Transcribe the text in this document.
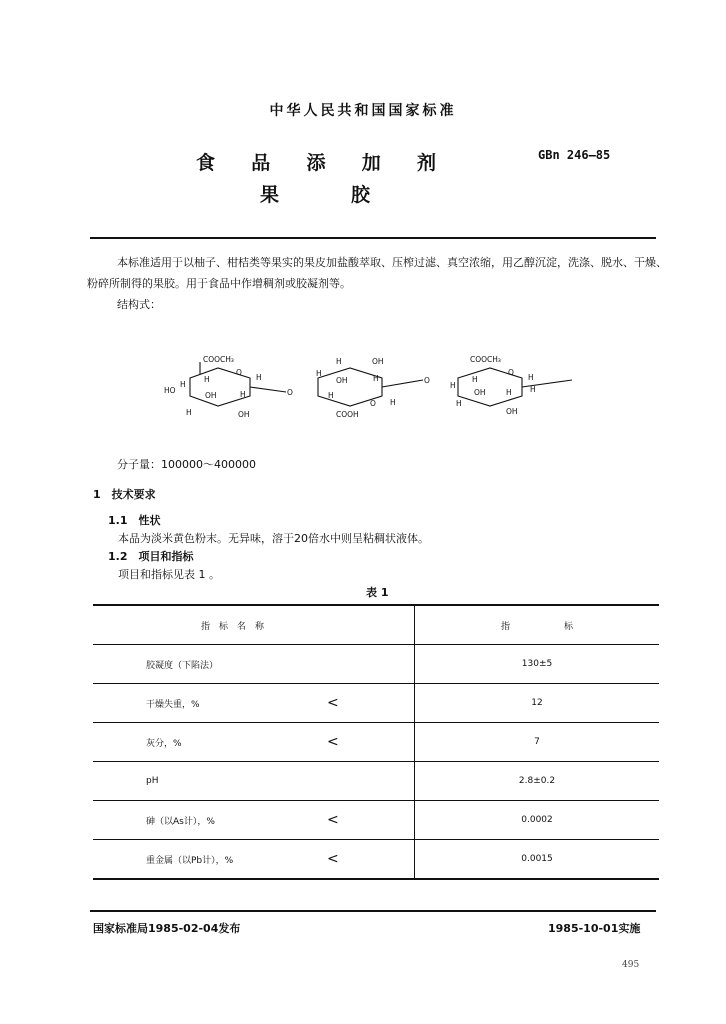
中华人民共和国国家标准
食 品 添 加 剂
果	胶
GBn 246—85

本标准适用于以柚子、柑桔类等果实的果皮加盐酸萃取、压榨过滤、真空浓缩，用乙醇沉淀，洗涤、脱水、干燥、粉碎所制得的果胶。用于食品中作增稠剂或胶凝剂等。

结构式：

COOCH₃
H	H
O
H
HO
OH
H
H
OH
O
H	OH
H
OH	H
H
O
COOH
H
O
COOCH₃
H
O
H
H
OH
H
H H
OH
分子量：100000～400000
1　技术要求
1.1　性状
本品为淡米黄色粉末。无异味，溶于20倍水中则呈粘稠状液体。
1.2　项目和指标
项目和指标见表 1 。
表 1
指　标　名　称			指　　　　　　标
胶凝度（下陷法）			130±5
干燥失重，%	<		12
灰分，%	<		7
pH			2.8±0.2
砷（以As计），%	<		0.0002
重金属（以Pb计），%	<		0.0015
国家标准局1985-02-04发布	1985-10-01实施
495
